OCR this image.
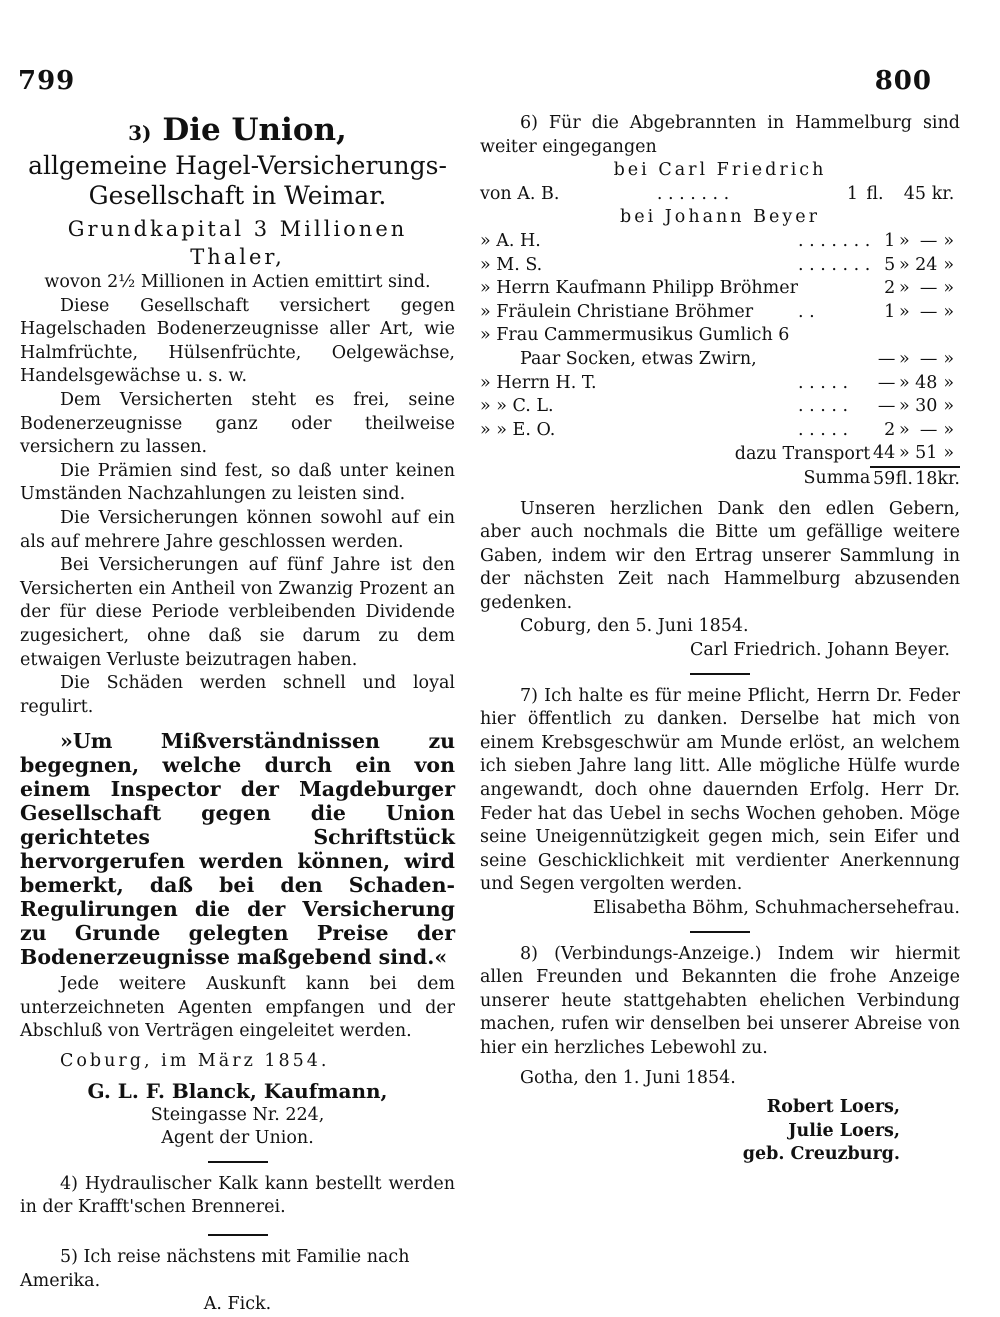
799	800
3) Die Union,
allgemeine Hagel-Versicherungs-Gesellschaft in Weimar.
Grundkapital 3 Millionen Thaler,
wovon 2½ Millionen in Actien emittirt sind.

Diese Gesellschaft versichert gegen Hagelschaden Bodenerzeugnisse aller Art, wie Halmfrüchte, Hülsenfrüchte, Oelgewächse, Handelsgewächse u. s. w.

Dem Versicherten steht es frei, seine Bodenerzeugnisse ganz oder theilweise versichern zu lassen.

Die Prämien sind fest, so daß unter keinen Umständen Nachzahlungen zu leisten sind.

Die Versicherungen können sowohl auf ein als auf mehrere Jahre geschlossen werden.

Bei Versicherungen auf fünf Jahre ist den Versicherten ein Antheil von Zwanzig Prozent an der für diese Periode verbleibenden Dividende zugesichert, ohne daß sie darum zu dem etwaigen Verluste beizutragen haben.

Die Schäden werden schnell und loyal regulirt.

»Um Mißverständnissen zu begegnen, welche durch ein von einem Inspector der Magdeburger Gesellschaft gegen die Union gerichtetes Schriftstück hervorgerufen werden können, wird bemerkt, daß bei den Schaden-Regulirungen die der Versicherung zu Grunde gelegten Preise der Bodenerzeugnisse maßgebend sind.«

Jede weitere Auskunft kann bei dem unterzeichneten Agenten empfangen und der Abschluß von Verträgen eingeleitet werden.

Coburg, im März 1854.

G. L. F. Blanck, Kaufmann,
Steingasse Nr. 224,
Agent der Union.

4) Hydraulischer Kalk kann bestellt werden in der Krafft'schen Brennerei.

5) Ich reise nächstens mit Familie nach Amerika.

A. Fick.

6) Für die Abgebrannten in Hammelburg sind weiter eingegangen

bei Carl Friedrich
von A. B.	. . . . . . .	1	fl.	45	kr.
bei Johann Beyer
» A. H.	. . . . . . .	1	»	—	»
» M. S.	. . . . . . .	5	»	24	»
» Herrn Kaufmann Philipp Bröhmer		2	»	—	»
» Fräulein Christiane Bröhmer	. .	1	»	—	»
» Frau Cammermusikus Gumlich 6					
Paar Socken, etwas Zwirn,		—	»	—	»
» Herrn H. T.	. . . . .	—	»	48	»
» » C. L.	. . . . .	—	»	30	»
» » E. O.	. . . . .	2	»	—	»
dazu Transport		44	»	51	»
Summa		59	fl.	18	kr.

Unseren herzlichen Dank den edlen Gebern, aber auch nochmals die Bitte um gefällige weitere Gaben, indem wir den Ertrag unserer Sammlung in der nächsten Zeit nach Hammelburg abzusenden gedenken.

Coburg, den 5. Juni 1854.

Carl Friedrich. Johann Beyer.

7) Ich halte es für meine Pflicht, Herrn Dr. Feder hier öffentlich zu danken. Derselbe hat mich von einem Krebsgeschwür am Munde erlöst, an welchem ich sieben Jahre lang litt. Alle mögliche Hülfe wurde angewandt, doch ohne dauernden Erfolg. Herr Dr. Feder hat das Uebel in sechs Wochen gehoben. Möge seine Uneigennützigkeit gegen mich, sein Eifer und seine Geschicklichkeit mit verdienter Anerkennung und Segen vergolten werden.

Elisabetha Böhm, Schuhmachersehefrau.

8) (Verbindungs-Anzeige.) Indem wir hiermit allen Freunden und Bekannten die frohe Anzeige unserer heute stattgehabten ehelichen Verbindung machen, rufen wir denselben bei unserer Abreise von hier ein herzliches Lebewohl zu.

Gotha, den 1. Juni 1854.

Robert Loers,
Julie Loers,
geb. Creuzburg.
